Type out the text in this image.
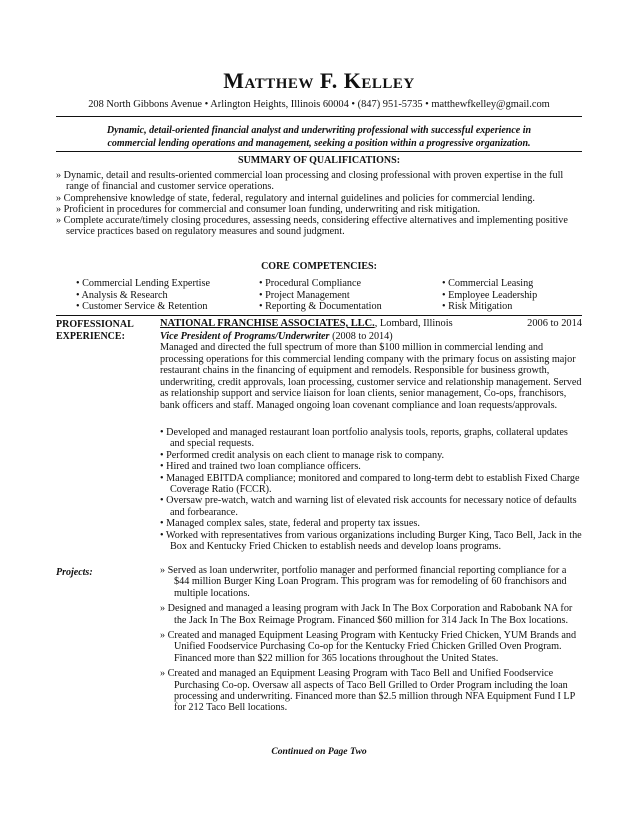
Matthew F. Kelley
208 North Gibbons Avenue • Arlington Heights, Illinois 60004 • (847) 951-5735 • matthewfkelley@gmail.com
Dynamic, detail-oriented financial analyst and underwriting professional with successful experience in
commercial lending operations and management, seeking a position within a progressive organization.
SUMMARY OF QUALIFICATIONS:
» Dynamic, detail and results-oriented commercial loan processing and closing professional with proven expertise in the full range of financial and customer service operations.
» Comprehensive knowledge of state, federal, regulatory and internal guidelines and policies for commercial lending.
» Proficient in procedures for commercial and consumer loan funding, underwriting and risk mitigation.
» Complete accurate/timely closing procedures, assessing needs, considering effective alternatives and implementing positive service practices based on regulatory measures and sound judgment.
CORE COMPETENCIES:
• Commercial Lending Expertise
• Analysis & Research
• Customer Service & Retention
• Procedural Compliance
• Project Management
• Reporting & Documentation
• Commercial Leasing
• Employee Leadership
• Risk Mitigation
PROFESSIONAL
EXPERIENCE:
NATIONAL FRANCHISE ASSOCIATES, LLC., Lombard, Illinois	2006 to 2014
Vice President of Programs/Underwriter (2008 to 2014)
Managed and directed the full spectrum of more than $100 million in commercial lending and processing operations for this commercial lending company with the primary focus on assisting major restaurant chains in the financing of equipment and remodels. Responsible for business growth, underwriting, credit approvals, loan processing, customer service and relationship management. Served as relationship support and service liaison for loan clients, senior management, Co-ops, franchisors, bank officers and staff. Managed ongoing loan covenant compliance and loan requests/approvals.
• Developed and managed restaurant loan portfolio analysis tools, reports, graphs, collateral updates and special requests.
• Performed credit analysis on each client to manage risk to company.
• Hired and trained two loan compliance officers.
• Managed EBITDA compliance; monitored and compared to long-term debt to establish Fixed Charge Coverage Ratio (FCCR).
• Oversaw pre-watch, watch and warning list of elevated risk accounts for necessary notice of defaults and forbearance.
• Managed complex sales, state, federal and property tax issues.
• Worked with representatives from various organizations including Burger King, Taco Bell, Jack in the Box and Kentucky Fried Chicken to establish needs and develop loans programs.
Projects:	» Served as loan underwriter, portfolio manager and performed financial reporting compliance for a $44 million Burger King Loan Program. This program was for remodeling of 60 franchisors and multiple locations.
» Designed and managed a leasing program with Jack In The Box Corporation and Rabobank NA for the Jack In The Box Reimage Program. Financed $60 million for 314 Jack In The Box locations.
» Created and managed Equipment Leasing Program with Kentucky Fried Chicken, YUM Brands and Unified Foodservice Purchasing Co-op for the Kentucky Fried Chicken Grilled Oven Program. Financed more than $22 million for 365 locations throughout the United States.
» Created and managed an Equipment Leasing Program with Taco Bell and Unified Foodservice Purchasing Co-op. Oversaw all aspects of Taco Bell Grilled to Order Program including the loan processing and underwriting. Financed more than $2.5 million through NFA Equipment Fund I LP for 212 Taco Bell locations.
Continued on Page Two
